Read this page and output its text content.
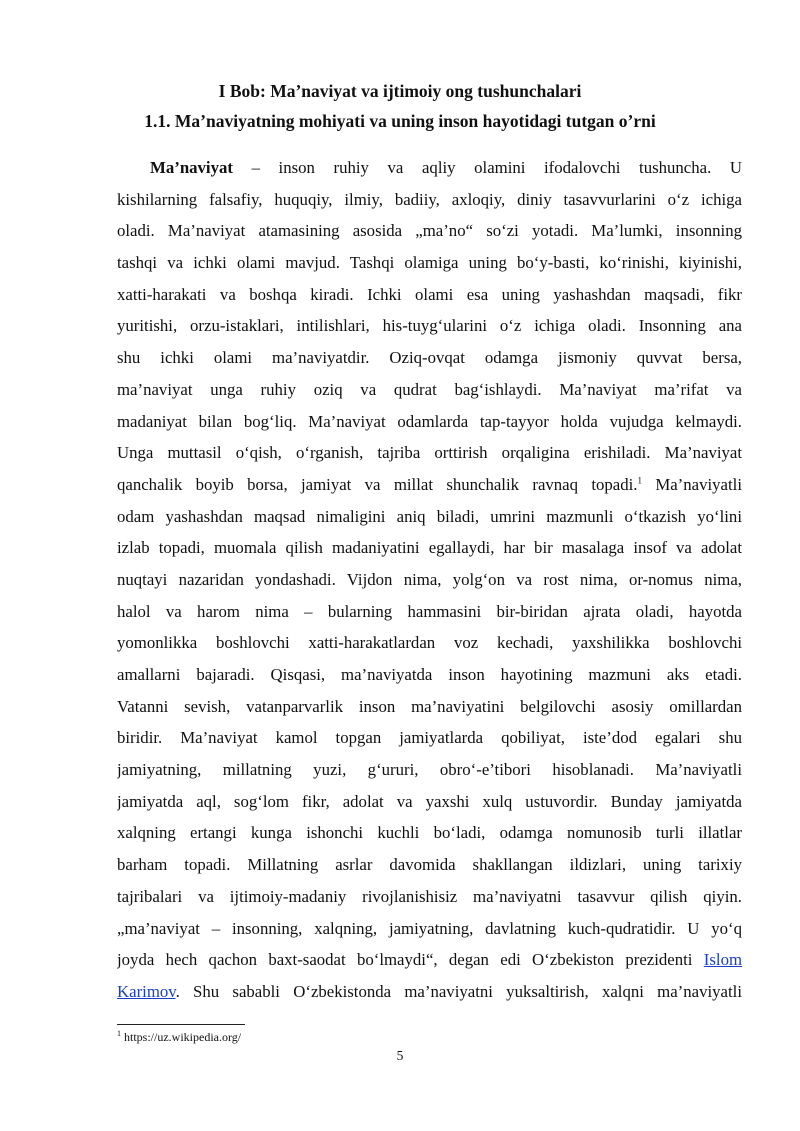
I Bob: Ma’naviyat va ijtimoiy ong tushunchalari
1.1. Ma’naviyatning mohiyati va uning inson hayotidagi tutgan o’rni
Ma’naviyat – inson ruhiy va aqliy olamini ifodalovchi tushuncha. U
kishilarning falsafiy, huquqiy, ilmiy, badiiy, axloqiy, diniy tasavvurlarini o‘z ichiga
oladi. Ma’naviyat atamasining asosida „ma’no“ so‘zi yotadi. Ma’lumki, insonning
tashqi va ichki olami mavjud. Tashqi olamiga uning bo‘y-basti, ko‘rinishi, kiyinishi,
xatti-harakati va boshqa kiradi. Ichki olami esa uning yashashdan maqsadi, fikr
yuritishi, orzu-istaklari, intilishlari, his-tuyg‘ularini o‘z ichiga oladi. Insonning ana
shu ichki olami ma’naviyatdir. Oziq-ovqat odamga jismoniy quvvat bersa,
ma’naviyat unga ruhiy oziq va qudrat bag‘ishlaydi. Ma’naviyat ma’rifat va
madaniyat bilan bog‘liq. Ma’naviyat odamlarda tap-tayyor holda vujudga kelmaydi.
Unga muttasil o‘qish, o‘rganish, tajriba orttirish orqaligina erishiladi. Ma’naviyat
qanchalik boyib borsa, jamiyat va millat shunchalik ravnaq topadi.$^1$ Ma’naviyatli
odam yashashdan maqsad nimaligini aniq biladi, umrini mazmunli o‘tkazish yo‘lini
izlab topadi, muomala qilish madaniyatini egallaydi, har bir masalaga insof va adolat
nuqtayi nazaridan yondashadi. Vijdon nima, yolg‘on va rost nima, or-nomus nima,
halol va harom nima – bularning hammasini bir-biridan ajrata oladi, hayotda
yomonlikka boshlovchi xatti-harakatlardan voz kechadi, yaxshilikka boshlovchi
amallarni bajaradi. Qisqasi, ma’naviyatda inson hayotining mazmuni aks etadi.
Vatanni sevish, vatanparvarlik inson ma’naviyatini belgilovchi asosiy omillardan
biridir. Ma’naviyat kamol topgan jamiyatlarda qobiliyat, iste’dod egalari shu
jamiyatning, millatning yuzi, g‘ururi, obro‘-e’tibori hisoblanadi. Ma’naviyatli
jamiyatda aql, sog‘lom fikr, adolat va yaxshi xulq ustuvordir. Bunday jamiyatda
xalqning ertangi kunga ishonchi kuchli bo‘ladi, odamga nomunosib turli illatlar
barham topadi. Millatning asrlar davomida shakllangan ildizlari, uning tarixiy
tajribalari va ijtimoiy-madaniy rivojlanishisiz ma’naviyatni tasavvur qilish qiyin.
„ma’naviyat – insonning, xalqning, jamiyatning, davlatning kuch-qudratidir. U yo‘q
joyda hech qachon baxt-saodat bo‘lmaydi“, degan edi O‘zbekiston prezidenti Islom
Karimov. Shu sababli O‘zbekistonda ma’naviyatni yuksaltirish, xalqni ma’naviyatli
$^1$ https://uz.wikipedia.org/
5
